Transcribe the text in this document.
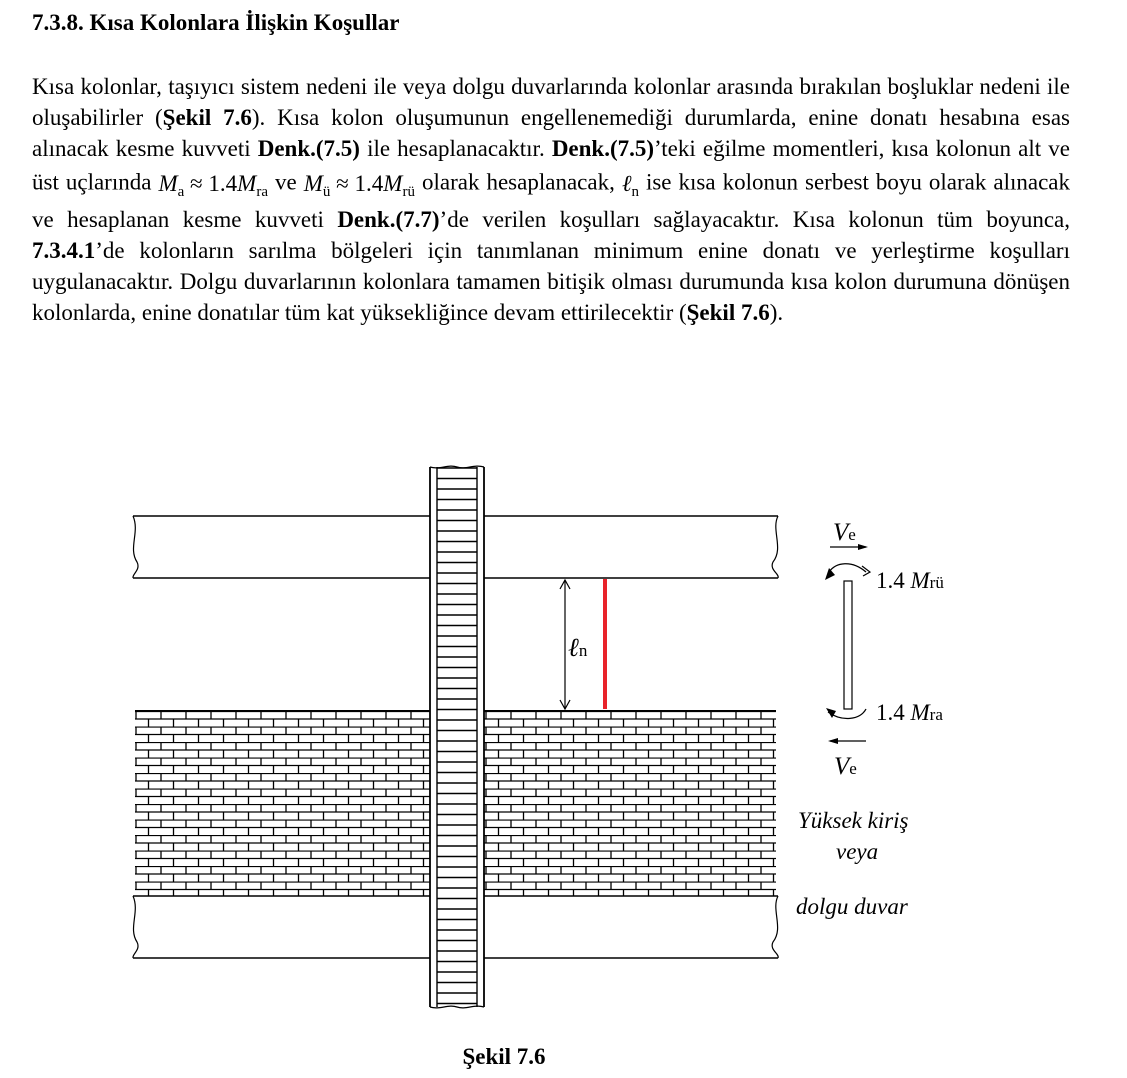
7.3.8. Kısa Kolonlara İlişkin Koşullar

Kısa kolonlar, taşıyıcı sistem nedeni ile veya dolgu duvarlarında kolonlar arasında bırakılan boşluklar nedeni ile oluşabilirler (Şekil 7.6). Kısa kolon oluşumunun engellenemediği durumlarda, enine donatı hesabına esas alınacak kesme kuvveti Denk.(7.5) ile hesaplanacaktır. Denk.(7.5)’teki eğilme momentleri, kısa kolonun alt ve üst uçlarında $M_a \approx 1.4M_{ra}$ ve $M_ü \approx 1.4M_{rü}$ olarak hesaplanacak, ℓ$_n$ ise kısa kolonun serbest boyu olarak alınacak ve hesaplanan kesme kuvveti Denk.(7.7)’de verilen koşulları sağlayacaktır. Kısa kolonun tüm boyunca, 7.3.4.1’de kolonların sarılma bölgeleri için tanımlanan minimum enine donatı ve yerleştirme koşulları uygulanacaktır. Dolgu duvarlarının kolonlara tamamen bitişik olması durumunda kısa kolon durumuna dönüşen kolonlarda, enine donatılar tüm kat yüksekliğince devam ettirilecektir (Şekil 7.6).

ℓn
Ve
Ve
1.4 Mrü
1.4 Mra
Yüksek kiriş
veya
dolgu duvar
Şekil 7.6
